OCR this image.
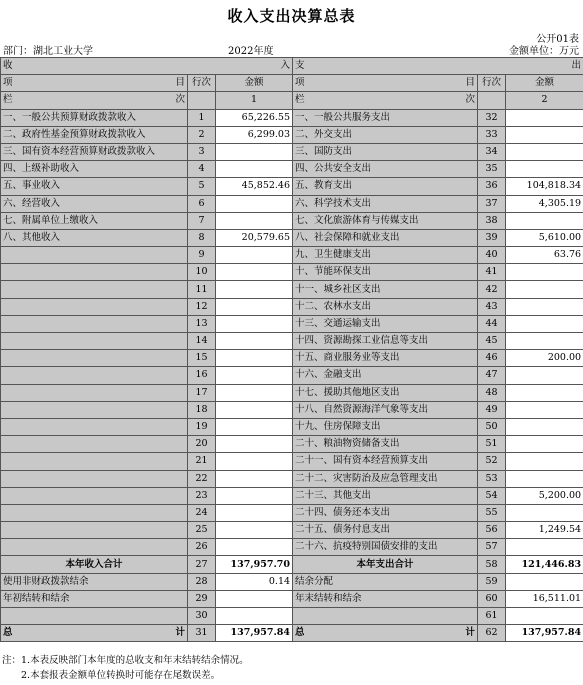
收入支出决算总表
公开01表
部门：湖北工业大学	2022年度	金额单位：万元
收 入			支 出		

项 目	行次	金额	项 目	行次	金额

栏 次		1	栏 次		2
一、一般公共预算财政拨款收入	1	65,226.55	一、一般公共服务支出	32	
二、政府性基金预算财政拨款收入	2	6,299.03	二、外交支出	33	
三、国有资本经营预算财政拨款收入	3		三、国防支出	34	
四、上级补助收入	4		四、公共安全支出	35	
五、事业收入	5	45,852.46	五、教育支出	36	104,818.34
六、经营收入	6		六、科学技术支出	37	4,305.19
七、附属单位上缴收入	7		七、文化旅游体育与传媒支出	38	
八、其他收入	8	20,579.65	八、社会保障和就业支出	39	5,610.00
	9		九、卫生健康支出	40	63.76
	10		十、节能环保支出	41	
	11		十一、城乡社区支出	42	
	12		十二、农林水支出	43	
	13		十三、交通运输支出	44	
	14		十四、资源勘探工业信息等支出	45	
	15		十五、商业服务业等支出	46	200.00
	16		十六、金融支出	47	
	17		十七、援助其他地区支出	48	
	18		十八、自然资源海洋气象等支出	49	
	19		十九、住房保障支出	50	
	20		二十、粮油物资储备支出	51	
	21		二十一、国有资本经营预算支出	52	
	22		二十二、灾害防治及应急管理支出	53	
	23		二十三、其他支出	54	5,200.00
	24		二十四、债务还本支出	55	
	25		二十五、债务付息支出	56	1,249.54
	26		二十六、抗疫特别国债安排的支出	57	
本年收入合计	27	137,957.70	本年支出合计	58	121,446.83
使用非财政拨款结余	28	0.14	结余分配	59	
年初结转和结余	29		年末结转和结余	60	16,511.01
	30			61	

总 计	31	137,957.84	总 计	62	137,957.84
注：1.本表反映部门本年度的总收支和年末结转结余情况。
2.本套报表金额单位转换时可能存在尾数误差。
